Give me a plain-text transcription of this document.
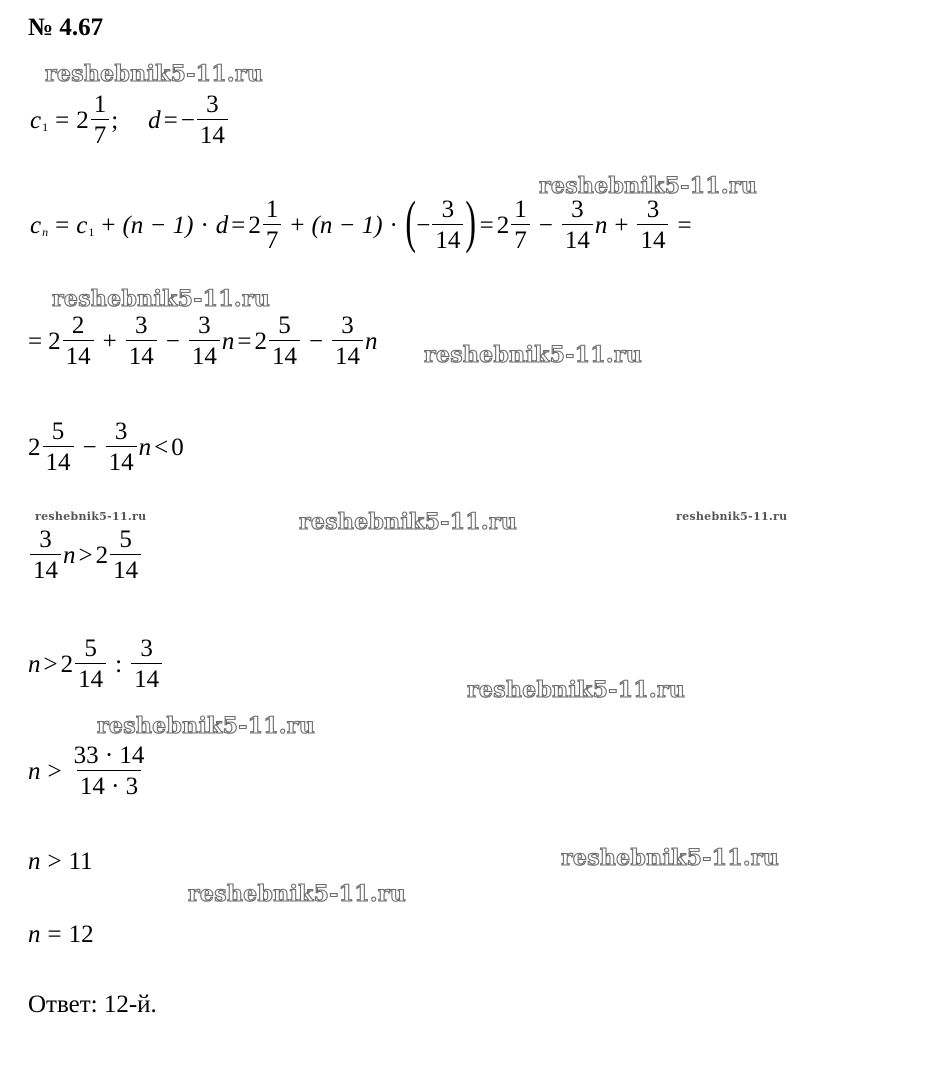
№ 4.67
reshebnik5-11.ru
reshebnik5-11.ru
reshebnik5-11.ru
reshebnik5-11.ru
reshebnik5-11.ru	reshebnik5-11.ru	reshebnik5-11.ru
reshebnik5-11.ru
reshebnik5-11.ru
reshebnik5-11.ru
reshebnik5-11.ru
c $1 = 2 \frac{1}{7}$ ; d = − $\frac{3}{14}$
c n = c $1 + (n - 1) \cdot d = 2 \frac{1}{7} + (n - 1)$ · ( − $\frac{3}{14}$ ) = $2 \frac{1}{7} - \frac{3}{14}$ $n + \frac{3}{14}$ =
= $2 \frac{2}{14} + \frac{3}{14} - \frac{3}{14}$ $n = 2 \frac{5}{14} - \frac{3}{14}$ n
$2 \frac{5}{14} - \frac{3}{14}$ n < 0
$\frac{3}{14}$ $n > 2 \frac{5}{14}$
$n > 2 \frac{5}{14}$ : $\frac{3}{14}$
$n > \frac{33 \cdot 14}{14 \cdot 3}$
n > 11
n = 12
Ответ: 12-й.
